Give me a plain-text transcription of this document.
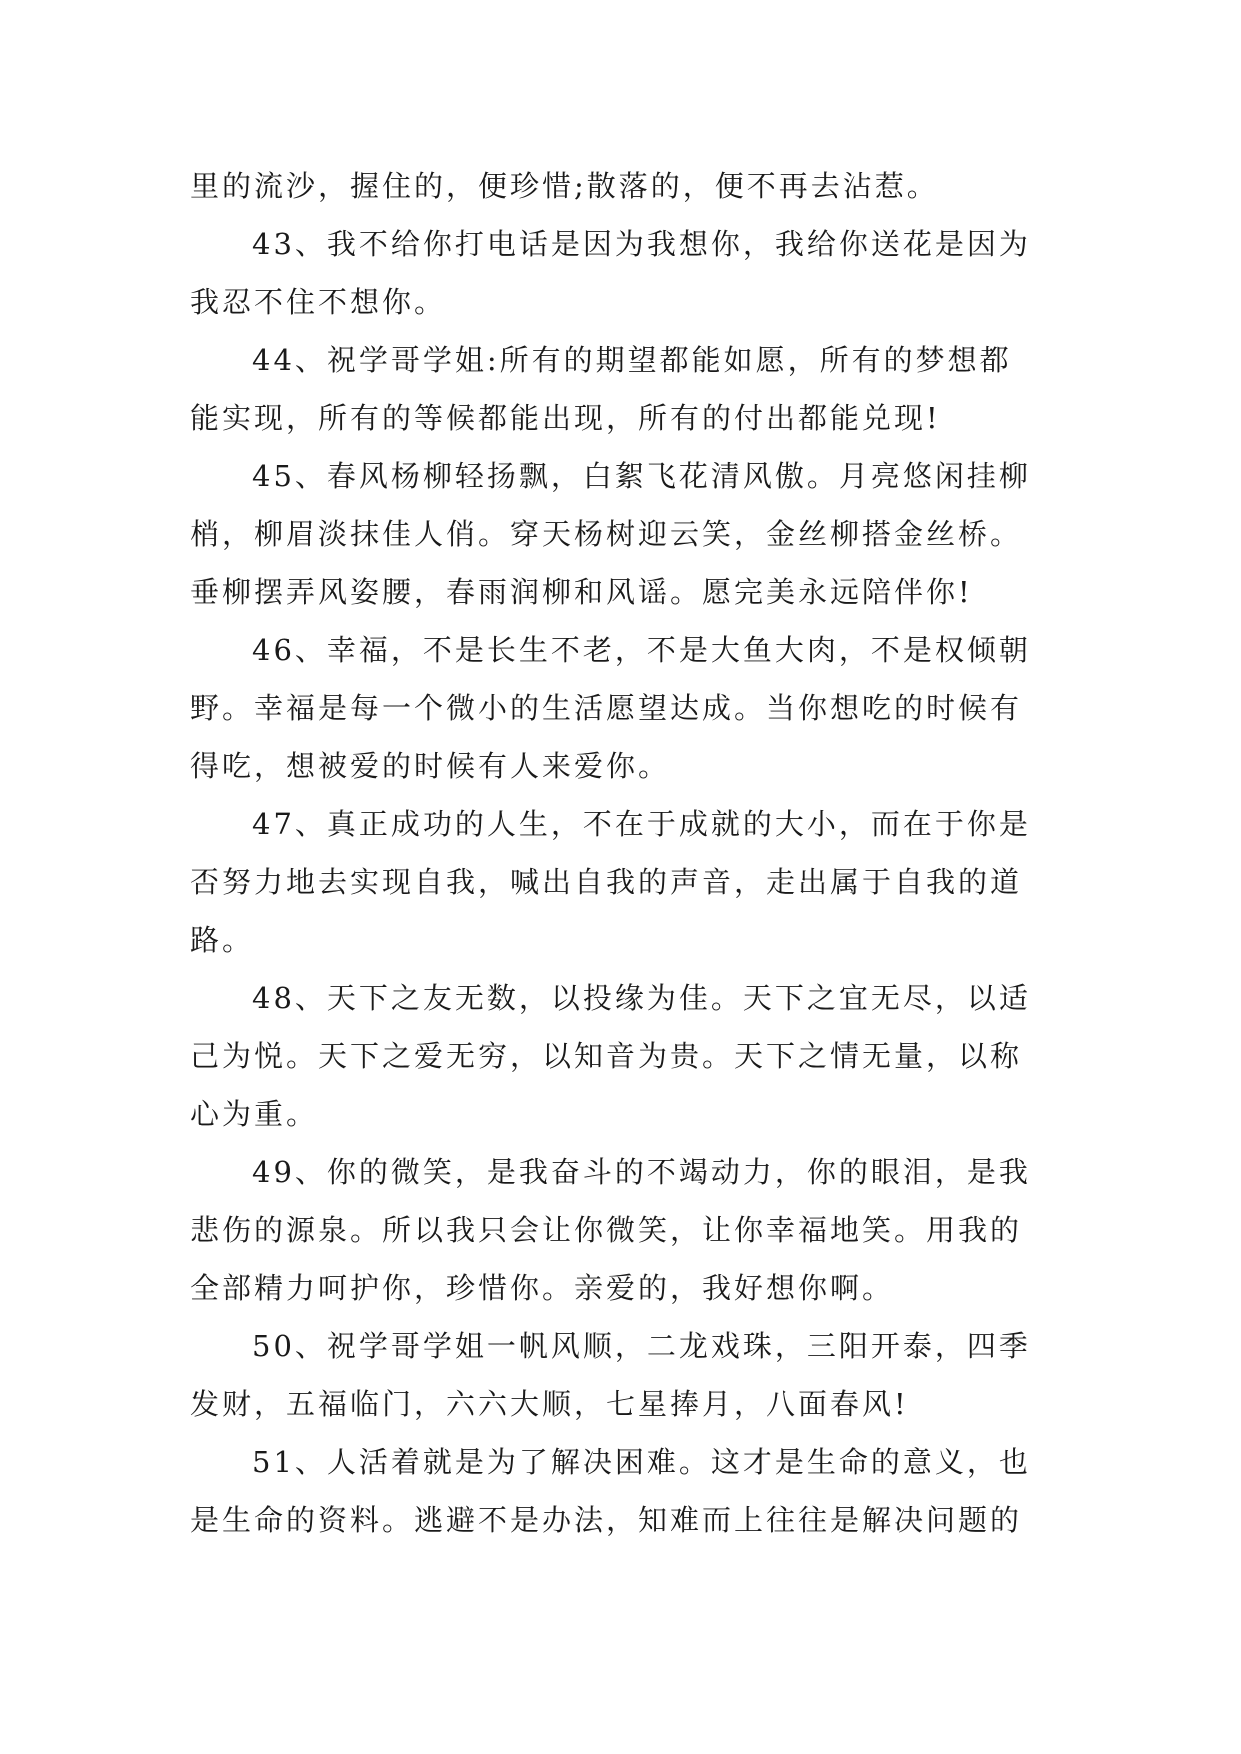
里的流沙，握住的，便珍惜;散落的，便不再去沾惹。
43、我不给你打电话是因为我想你，我给你送花是因为
我忍不住不想你。
44、祝学哥学姐:所有的期望都能如愿，所有的梦想都
能实现，所有的等候都能出现，所有的付出都能兑现!
45、春风杨柳轻扬飘，白絮飞花清风傲。月亮悠闲挂柳
梢，柳眉淡抹佳人俏。穿天杨树迎云笑，金丝柳搭金丝桥。
垂柳摆弄风姿腰，春雨润柳和风谣。愿完美永远陪伴你!
46、幸福，不是长生不老，不是大鱼大肉，不是权倾朝
野。幸福是每一个微小的生活愿望达成。当你想吃的时候有
得吃，想被爱的时候有人来爱你。
47、真正成功的人生，不在于成就的大小，而在于你是
否努力地去实现自我，喊出自我的声音，走出属于自我的道
路。
48、天下之友无数，以投缘为佳。天下之宜无尽，以适
己为悦。天下之爱无穷，以知音为贵。天下之情无量，以称
心为重。
49、你的微笑，是我奋斗的不竭动力，你的眼泪，是我
悲伤的源泉。所以我只会让你微笑，让你幸福地笑。用我的
全部精力呵护你，珍惜你。亲爱的，我好想你啊。
50、祝学哥学姐一帆风顺，二龙戏珠，三阳开泰，四季
发财，五福临门，六六大顺，七星捧月，八面春风!
51、人活着就是为了解决困难。这才是生命的意义，也
是生命的资料。逃避不是办法，知难而上往往是解决问题的
